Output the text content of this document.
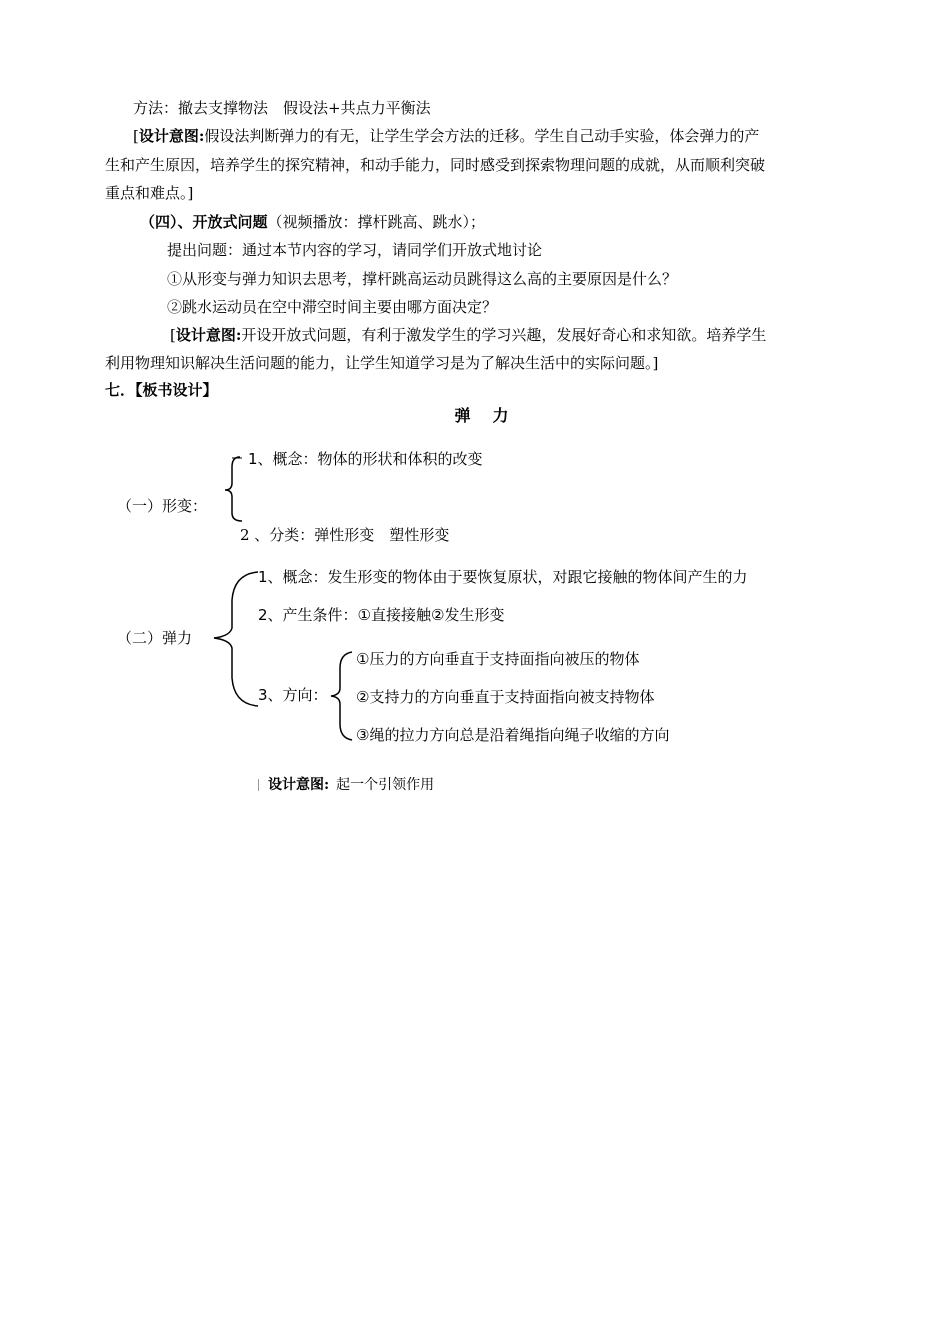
方法：撤去支撑物法　 假设法+共点力平衡法
[设计意图:假设法判断弹力的有无，让学生学会方法的迁移。学生自己动手实验，体会弹力的产
生和产生原因，培养学生的探究精神，和动手能力，同时感受到探索物理问题的成就，从而顺利突破
重点和难点。]
（四）、开放式问题（视频播放：撑杆跳高、跳水）；
提出问题：通过本节内容的学习，请同学们开放式地讨论
①从形变与弹力知识去思考，撑杆跳高运动员跳得这么高的主要原因是什么？
②跳水运动员在空中滞空时间主要由哪方面决定？
[设计意图:开设开放式问题，有利于激发学生的学习兴趣，发展好奇心和求知欲。培养学生
利用物理知识解决生活问题的能力，让学生知道学习是为了解决生活中的实际问题。]
七．【板书设计】
弹力
1、概念：物体的形状和体积的改变
（一）形变：
2 、分类：弹性形变　塑性形变
1、概念：发生形变的物体由于要恢复原状，对跟它接触的物体间产生的力
2、产生条件：①直接接触②发生形变
（二）弹力
3、方向：
①压力的方向垂直于支持面指向被压的物体
②支持力的方向垂直于支持面指向被支持物体
③绳的拉力方向总是沿着绳指向绳子收缩的方向
设计意图:  起一个引领作用
